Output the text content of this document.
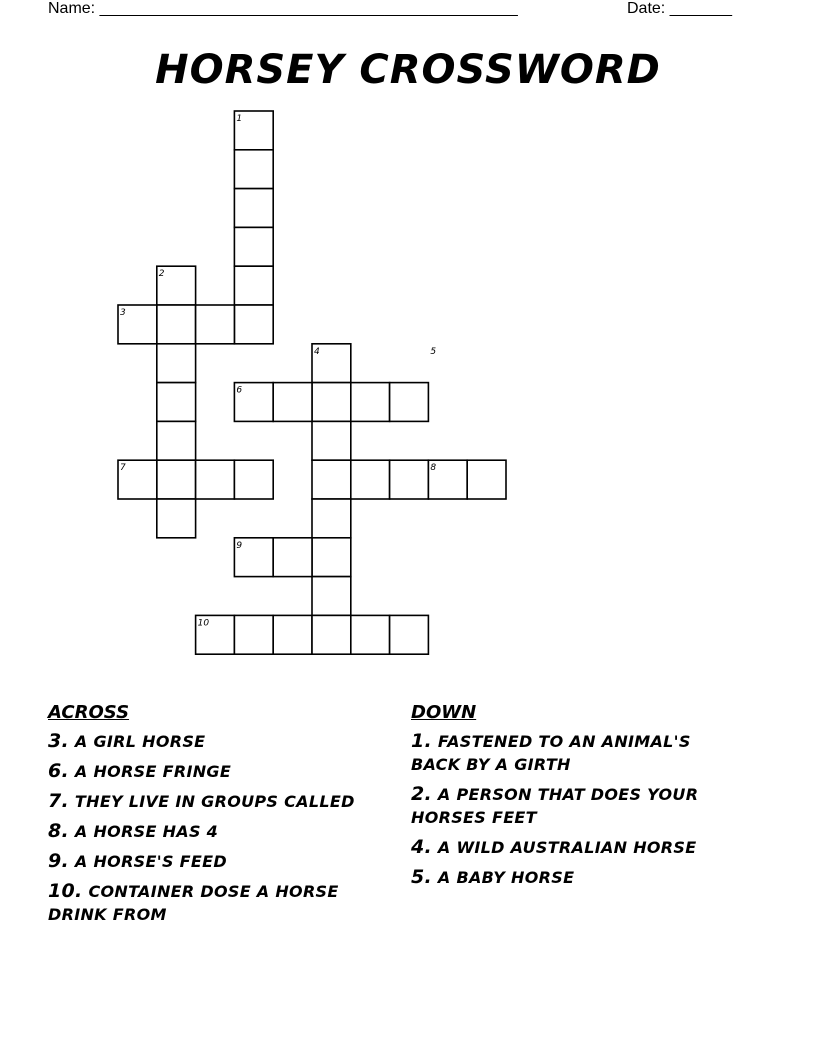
Name: _______________________________________________	Date: _______
HORSEY CROSSWORD
1
2
3
4	5
6
7	8
9
10
ACROSS
3. A GIRL HORSE
6. A HORSE FRINGE
7. THEY LIVE IN GROUPS CALLED
8. A HORSE HAS 4
9. A HORSE'S FEED
10. CONTAINER DOSE A HORSE DRINK FROM
DOWN
1. FASTENED TO AN ANIMAL'S BACK BY A GIRTH
2. A PERSON THAT DOES YOUR HORSES FEET
4. A WILD AUSTRALIAN HORSE
5. A BABY HORSE
